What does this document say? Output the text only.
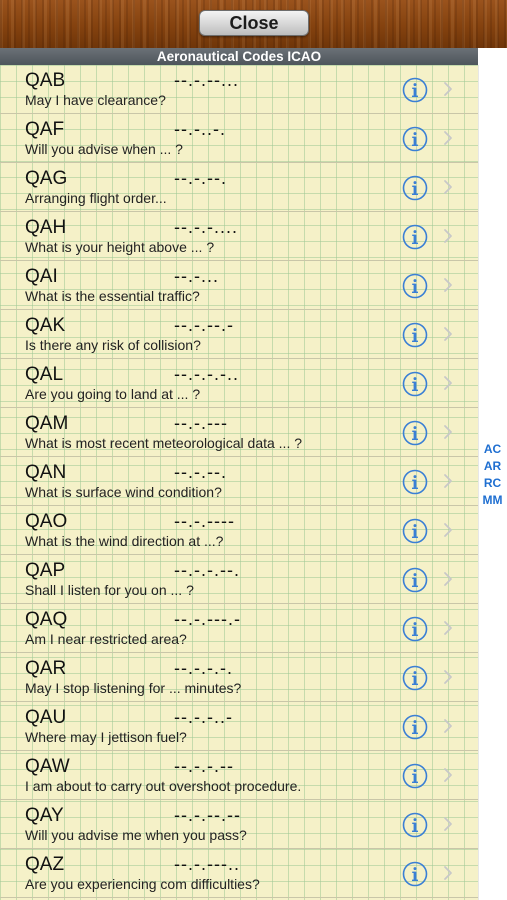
Close
Aeronautical Codes ICAO
QAB	--.-.--...
May I have clearance?
QAF	--.-..-.
Will you advise when ... ?
QAG	--.-.--.
Arranging flight order...
QAH	--.-.-....
What is your height above ... ?
QAI	--.-...
What is the essential traffic?
QAK	--.-.--.-
Is there any risk of collision?
QAL	--.-.-.-..
Are you going to land at ... ?
QAM	--.-.---
What is most recent meteorological data ... ?
QAN	--.-.--.
What is surface wind condition?
QAO	--.-.----
What is the wind direction at ...?
QAP	--.-.-.--.
Shall I listen for you on ... ?
QAQ	--.-.---.-
Am I near restricted area?
QAR	--.-.-.-.
May I stop listening for ... minutes?
QAU	--.-.-..-
Where may I jettison fuel?
QAW	--.-.-.--
I am about to carry out overshoot procedure.
QAY	--.-.--.--
Will you advise me when you pass?
QAZ	--.-.---..
Are you experiencing com difficulties?
AC
AR
RC
MM
